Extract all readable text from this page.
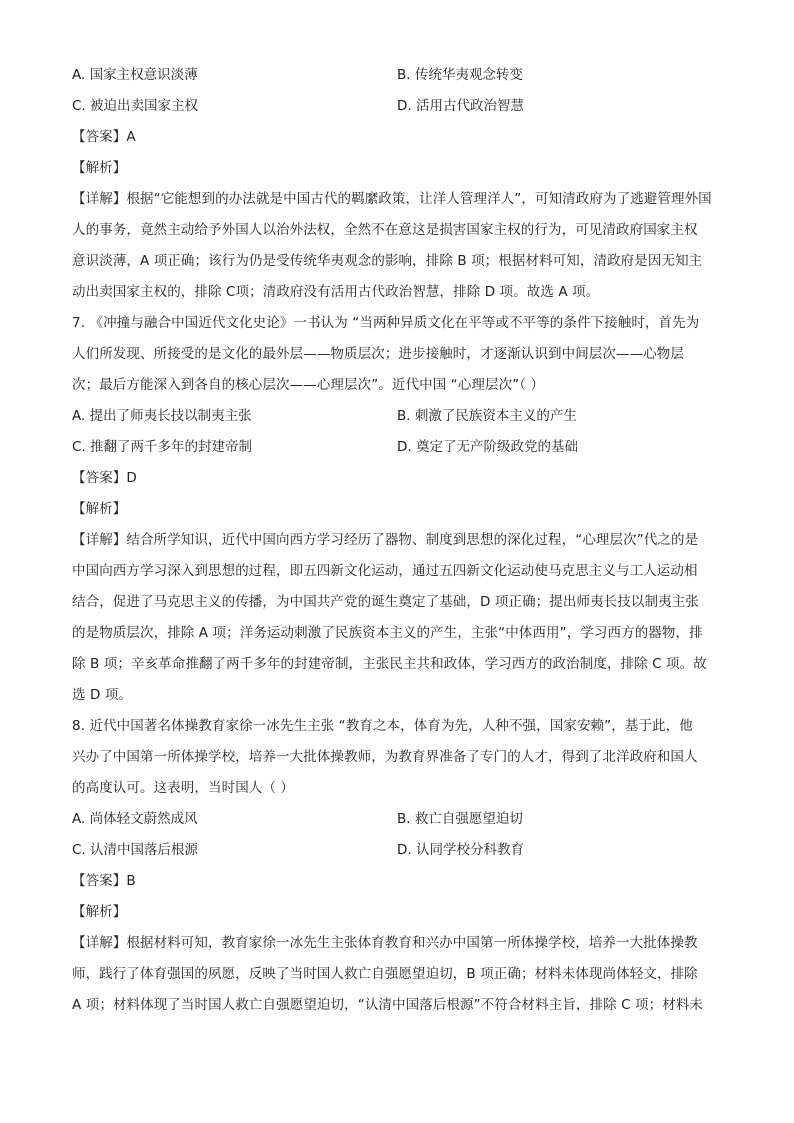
A. 国家主权意识淡薄	B. 传统华夷观念转变
C. 被迫出卖国家主权	D. 活用古代政治智慧
【答案】A
【解析】
【详解】根据“它能想到的办法就是中国古代的羁縻政策，让洋人管理洋人”，可知清政府为了逃避管理外国
人的事务，竟然主动给予外国人以治外法权，全然不在意这是损害国家主权的行为，可见清政府国家主权
意识淡薄，A 项正确；该行为仍是受传统华夷观念的影响，排除 B 项；根据材料可知，清政府是因无知主
动出卖国家主权的，排除 C项；清政府没有活用古代政治智慧，排除 D 项。故选 A 项。
7. 《冲撞与融合中国近代文化史论》一书认为 “当两种异质文化在平等或不平等的条件下接触时，首先为
人们所发现、所接受的是文化的最外层——物质层次；进步接触时，才逐渐认识到中间层次——心物层
次；最后方能深入到各自的核心层次——心理层次”。近代中国 “心理层次”（ ）
A. 提出了师夷长技以制夷主张	B. 刺激了民族资本主义的产生
C. 推翻了两千多年的封建帝制	D. 奠定了无产阶级政党的基础
【答案】D
【解析】
【详解】结合所学知识，近代中国向西方学习经历了器物、制度到思想的深化过程，“心理层次”代之的是
中国向西方学习深入到思想的过程，即五四新文化运动，通过五四新文化运动使马克思主义与工人运动相
结合，促进了马克思主义的传播，为中国共产党的诞生奠定了基础，D 项正确；提出师夷长技以制夷主张
的是物质层次，排除 A 项；洋务运动刺激了民族资本主义的产生，主张“中体西用”，学习西方的器物，排
除 B 项；辛亥革命推翻了两千多年的封建帝制，主张民主共和政体，学习西方的政治制度，排除 C 项。故
选 D 项。
8. 近代中国著名体操教育家徐一冰先生主张 “教育之本，体育为先，人种不强，国家安赖”，基于此，他
兴办了中国第一所体操学校，培养一大批体操教师，为教育界准备了专门的人才，得到了北洋政府和国人
的高度认可。这表明，当时国人（ ）
A. 尚体轻文蔚然成风	B. 救亡自强愿望迫切
C. 认清中国落后根源	D. 认同学校分科教育
【答案】B
【解析】
【详解】根据材料可知，教育家徐一冰先生主张体育教育和兴办中国第一所体操学校，培养一大批体操教
师，践行了体育强国的夙愿，反映了当时国人救亡自强愿望迫切，B 项正确；材料未体现尚体轻文，排除
A 项；材料体现了当时国人救亡自强愿望迫切，“认清中国落后根源”不符合材料主旨，排除 C 项；材料未
